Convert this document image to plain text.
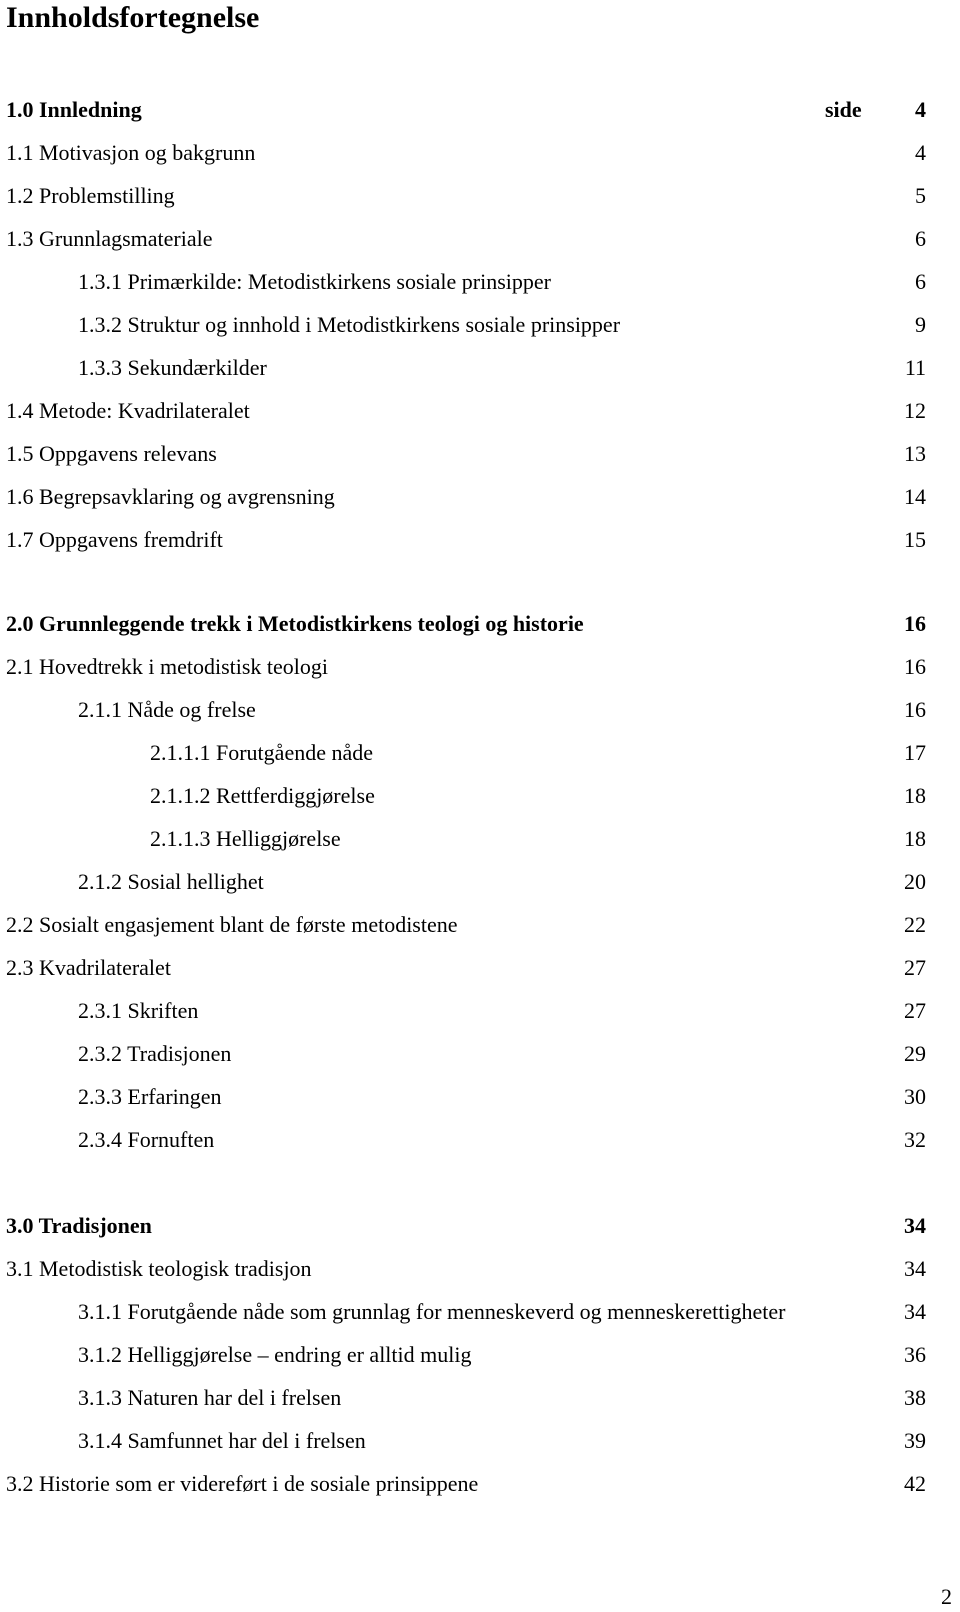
Innholdsfortegnelse
1.0 Innledning	side 4
1.1 Motivasjon og bakgrunn	4
1.2 Problemstilling	5
1.3 Grunnlagsmateriale	6
1.3.1 Primærkilde: Metodistkirkens sosiale prinsipper	6
1.3.2 Struktur og innhold i Metodistkirkens sosiale prinsipper	9
1.3.3 Sekundærkilder	11
1.4 Metode: Kvadrilateralet	12
1.5 Oppgavens relevans	13
1.6 Begrepsavklaring og avgrensning	14
1.7 Oppgavens fremdrift	15
2.0 Grunnleggende trekk i Metodistkirkens teologi og historie	16
2.1 Hovedtrekk i metodistisk teologi	16
2.1.1 Nåde og frelse	16
2.1.1.1 Forutgående nåde	17
2.1.1.2 Rettferdiggjørelse	18
2.1.1.3 Helliggjørelse	18
2.1.2 Sosial hellighet	20
2.2 Sosialt engasjement blant de første metodistene	22
2.3 Kvadrilateralet	27
2.3.1 Skriften	27
2.3.2 Tradisjonen	29
2.3.3 Erfaringen	30
2.3.4 Fornuften	32
3.0 Tradisjonen	34
3.1 Metodistisk teologisk tradisjon	34
3.1.1 Forutgående nåde som grunnlag for menneskeverd og menneskerettigheter	34
3.1.2 Helliggjørelse – endring er alltid mulig	36
3.1.3 Naturen har del i frelsen	38
3.1.4 Samfunnet har del i frelsen	39
3.2 Historie som er videreført i de sosiale prinsippene	42
2
